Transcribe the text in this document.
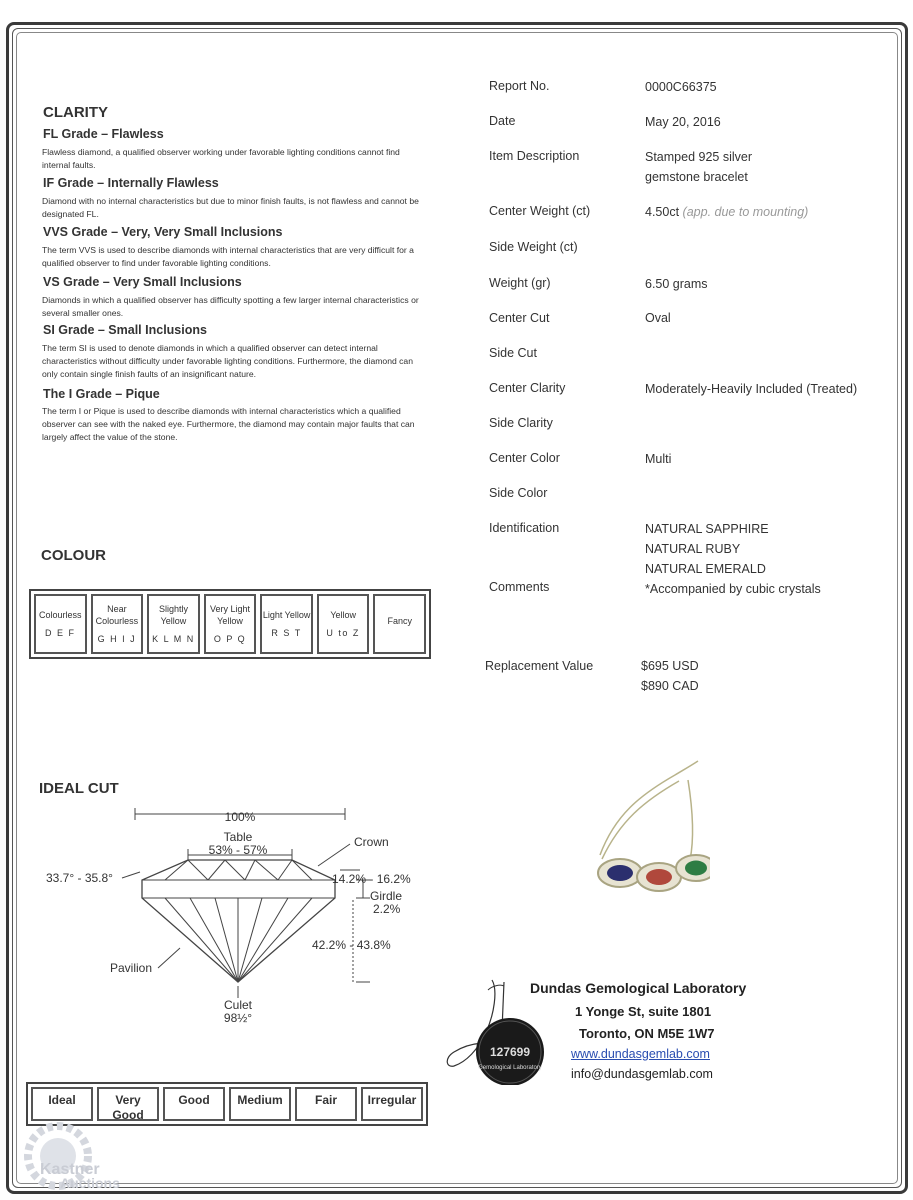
CLARITY
FL Grade – Flawless
Flawless diamond, a qualified observer working under favorable lighting conditions cannot find internal faults.
IF Grade – Internally Flawless
Diamond with no internal characteristics but due to minor finish faults, is not flawless and cannot be designated FL.
VVS Grade – Very, Very Small Inclusions
The term VVS is used to describe diamonds with internal characteristics that are very difficult for a qualified observer to find under favorable lighting conditions.
VS Grade – Very Small Inclusions
Diamonds in which a qualified observer has difficulty spotting a few larger internal characteristics or several smaller ones.
SI Grade – Small Inclusions
The term SI is used to denote diamonds in which a qualified observer can detect internal characteristics without difficulty under favorable lighting conditions. Furthermore, the diamond can only contain single finish faults of an insignificant nature.
The I Grade – Pique
The term I or Pique is used to describe diamonds with internal characteristics which a qualified observer can see with the naked eye. Furthermore, the diamond may contain major faults that can largely affect the value of the stone.
COLOUR
Colourless
D E F
Near Colourless
G H I J
Slightly Yellow
K L M N
Very Light Yellow
O P Q
Light Yellow
R S T
Yellow
U to Z
Fancy
IDEAL CUT
100%
Table
53% - 57%
Crown
33.7° - 35.8°	14.2% - 16.2%
Girdle
2.2%
42.2% - 43.8%
Pavilion
Culet
98½°
Ideal	Very Good
Good	Medium	Fair	Irregular
Report No.	0000C66375
Date	May 20, 2016
Item Description	Stamped 925 silver
gemstone bracelet
Center Weight (ct)	4.50ct (app. due to mounting)
Side Weight (ct)
Weight (gr)	6.50 grams
Center Cut	Oval
Side Cut
Center Clarity	Moderately-Heavily Included (Treated)
Side Clarity
Center Color	Multi
Side Color
Identification	NATURAL SAPPHIRE
NATURAL RUBY
NATURAL EMERALD
Comments	*Accompanied by cubic crystals
Replacement Value	$695 USD
$890 CAD
127699
Gemological Laboratory
Dundas Gemological Laboratory
1 Yonge St, suite 1801
Toronto, ON M5E 1W7
www.dundasgemlab.com
info@dundasgemlab.com
Kastner
Auctions
